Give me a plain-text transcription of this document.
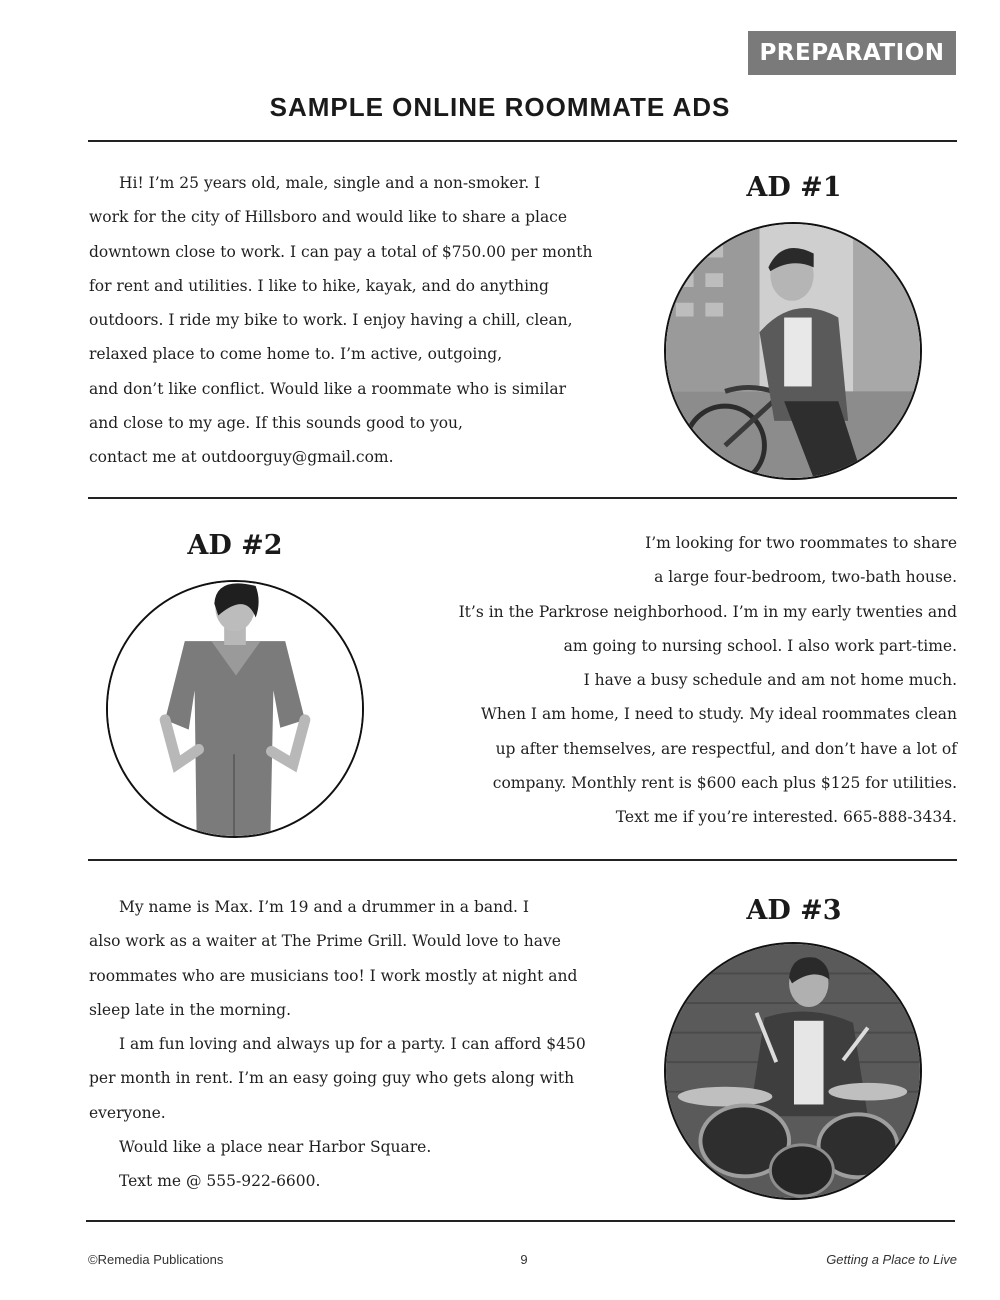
PREPARATION
SAMPLE ONLINE ROOMMATE ADS

Hi! I’m 25 years old, male, single and a non-smoker. I

work for the city of Hillsboro and would like to share a place

downtown close to work. I can pay a total of $750.00 per month

for rent and utilities. I like to hike, kayak, and do anything

outdoors. I ride my bike to work. I enjoy having a chill, clean,

relaxed place to come home to. I’m active, outgoing,

and don’t like conflict. Would like a roommate who is similar

and close to my age. If this sounds good to you,

contact me at outdoorguy@gmail.com.

AD #1
AD #2	I’m looking for two roommates to share

a large four-bedroom, two-bath house.

It’s in the Parkrose neighborhood. I’m in my early twenties and

am going to nursing school. I also work part-time.

I have a busy schedule and am not home much.

When I am home, I need to study. My ideal roommates clean

up after themselves, are respectful, and don’t have a lot of

company. Monthly rent is $600 each plus $125 for utilities.

Text me if you’re interested. 665-888-3434.

My name is Max. I’m 19 and a drummer in a band. I

also work as a waiter at The Prime Grill. Would love to have

roommates who are musicians too! I work mostly at night and

sleep late in the morning.

I am fun loving and always up for a party. I can afford $450

per month in rent. I’m an easy going guy who gets along with

everyone.

Would like a place near Harbor Square.

Text me @ 555-922-6600.

AD #3
©Remedia Publications	9	Getting a Place to Live
